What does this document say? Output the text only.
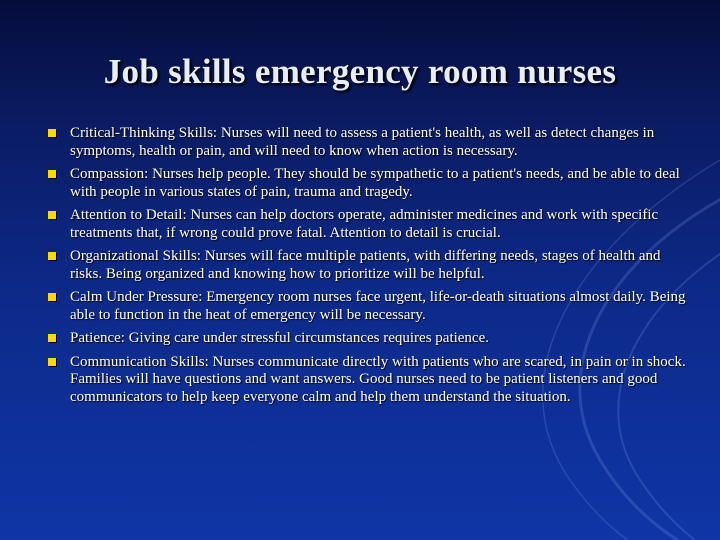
Job skills emergency room nurses
Critical-Thinking Skills: Nurses will need to assess a patient's health, as well as detect changes in symptoms, health or pain, and will need to know when action is necessary.
Compassion: Nurses help people. They should be sympathetic to a patient's needs, and be able to deal with people in various states of pain, trauma and tragedy.
Attention to Detail: Nurses can help doctors operate, administer medicines and work with specific treatments that, if wrong could prove fatal. Attention to detail is crucial.
Organizational Skills: Nurses will face multiple patients, with differing needs, stages of health and risks. Being organized and knowing how to prioritize will be helpful.
Calm Under Pressure: Emergency room nurses face urgent, life-or-death situations almost daily. Being able to function in the heat of emergency will be necessary.
Patience: Giving care under stressful circumstances requires patience.
Communication Skills: Nurses communicate directly with patients who are scared, in pain or in shock. Families will have questions and want answers. Good nurses need to be patient listeners and good communicators to help keep everyone calm and help them understand the situation.
